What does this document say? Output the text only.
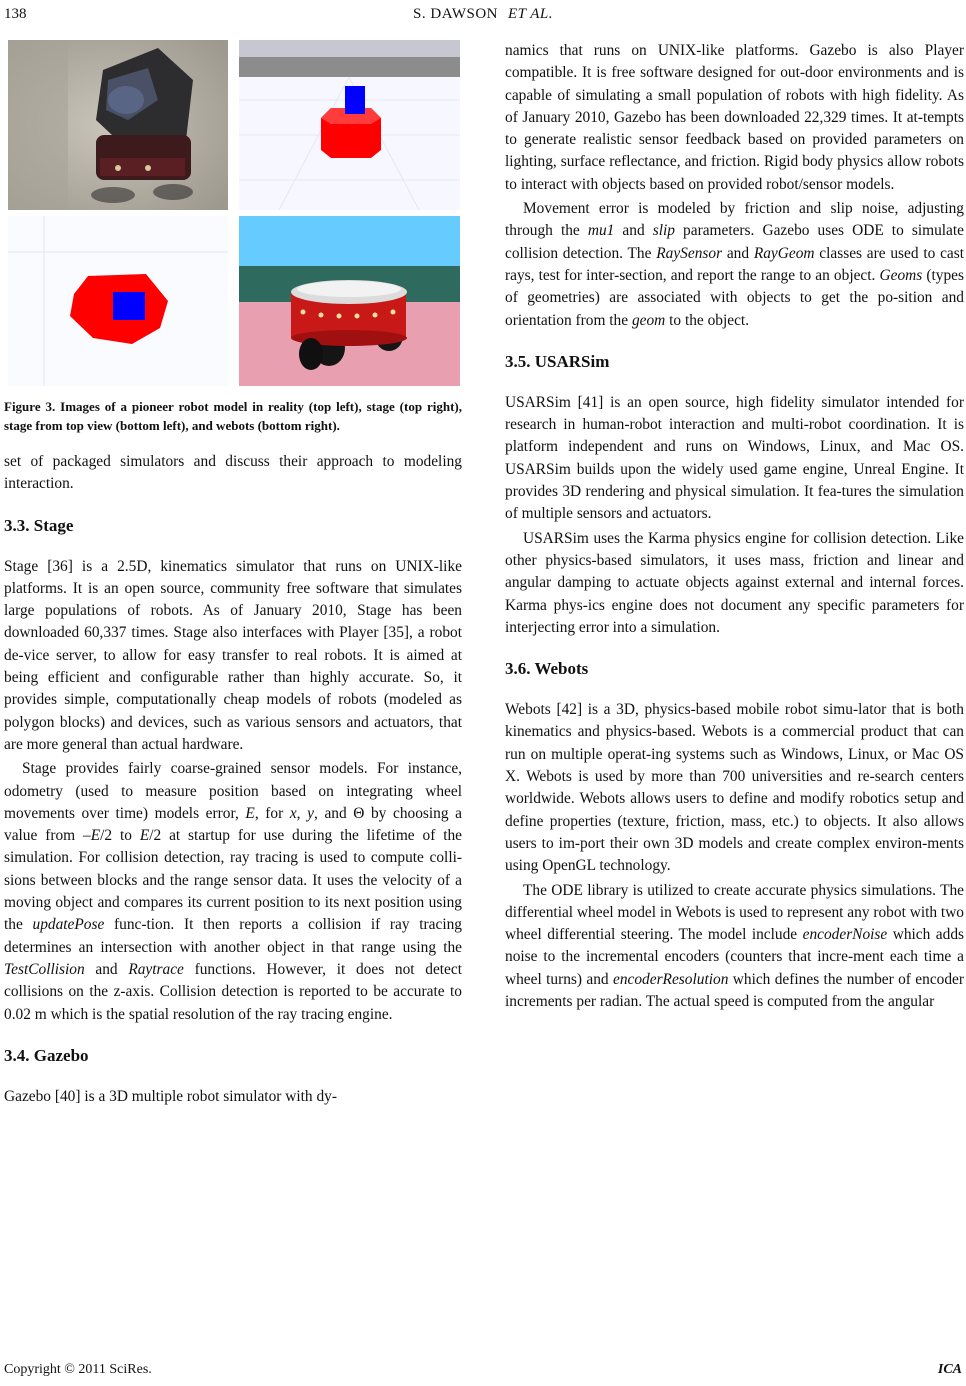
138	S. DAWSON ET AL.
Figure 3. Images of a pioneer robot model in reality (top left), stage (top right), stage from top view (bottom left), and webots (bottom right).

set of packaged simulators and discuss their approach to modeling interaction.

3.3. Stage

Stage [36] is a 2.5D, kinematics simulator that runs on UNIX-like platforms. It is an open source, community free software that simulates large populations of robots. As of January 2010, Stage has been downloaded 60,337 times. Stage also interfaces with Player [35], a robot de-vice server, to allow for easy transfer to real robots. It is aimed at being efficient and configurable rather than highly accurate. So, it provides simple, computationally cheap models of robots (modeled as polygon blocks) and devices, such as various sensors and actuators, that are more general than actual hardware.

Stage provides fairly coarse-grained sensor models. For instance, odometry (used to measure position based on integrating wheel movements over time) models error, E, for x, y, and Θ by choosing a value from –E/2 to E/2 at startup for use during the lifetime of the simulation. For collision detection, ray tracing is used to compute colli-sions between blocks and the range sensor data. It uses the velocity of a moving object and compares its current position to its next position using the updatePose func-tion. It then reports a collision if ray tracing determines an intersection with another object in that range using the TestCollision and Raytrace functions. However, it does not detect collisions on the z-axis. Collision detection is reported to be accurate to 0.02 m which is the spatial resolution of the ray tracing engine.

3.4. Gazebo

Gazebo [40] is a 3D multiple robot simulator with dy-

namics that runs on UNIX-like platforms. Gazebo is also Player compatible. It is free software designed for out-door environments and is capable of simulating a small population of robots with high fidelity. As of January 2010, Gazebo has been downloaded 22,329 times. It at-tempts to generate realistic sensor feedback based on provided parameters on lighting, surface reflectance, and friction. Rigid body physics allow robots to interact with objects based on provided robot/sensor models.

Movement error is modeled by friction and slip noise, adjusting through the mu1 and slip parameters. Gazebo uses ODE to simulate collision detection. The RaySensor and RayGeom classes are used to cast rays, test for inter-section, and report the range to an object. Geoms (types of geometries) are associated with objects to get the po-sition and orientation from the geom to the object.

3.5. USARSim

USARSim [41] is an open source, high fidelity simulator intended for research in human-robot interaction and multi-robot coordination. It is platform independent and runs on Windows, Linux, and Mac OS. USARSim builds upon the widely used game engine, Unreal Engine. It provides 3D rendering and physical simulation. It fea-tures the simulation of multiple sensors and actuators.

USARSim uses the Karma physics engine for collision detection. Like other physics-based simulators, it uses mass, friction and linear and angular damping to actuate objects against external and internal forces. Karma phys-ics engine does not document any specific parameters for interjecting error into a simulation.

3.6. Webots

Webots [42] is a 3D, physics-based mobile robot simu-lator that is both kinematics and physics-based. Webots is a commercial product that can run on multiple operat-ing systems such as Windows, Linux, or Mac OS X. Webots is used by more than 700 universities and re-search centers worldwide. Webots allows users to define and modify robotics setup and define properties (texture, friction, mass, etc.) to objects. It also allows users to im-port their own 3D models and create complex environ-ments using OpenGL technology.

The ODE library is utilized to create accurate physics simulations. The differential wheel model in Webots is used to represent any robot with two wheel differential steering. The model include encoderNoise which adds noise to the incremental encoders (counters that incre-ment each time a wheel turns) and encoderResolution which defines the number of encoder increments per radian. The actual speed is computed from the angular

Copyright © 2011 SciRes.	ICA
